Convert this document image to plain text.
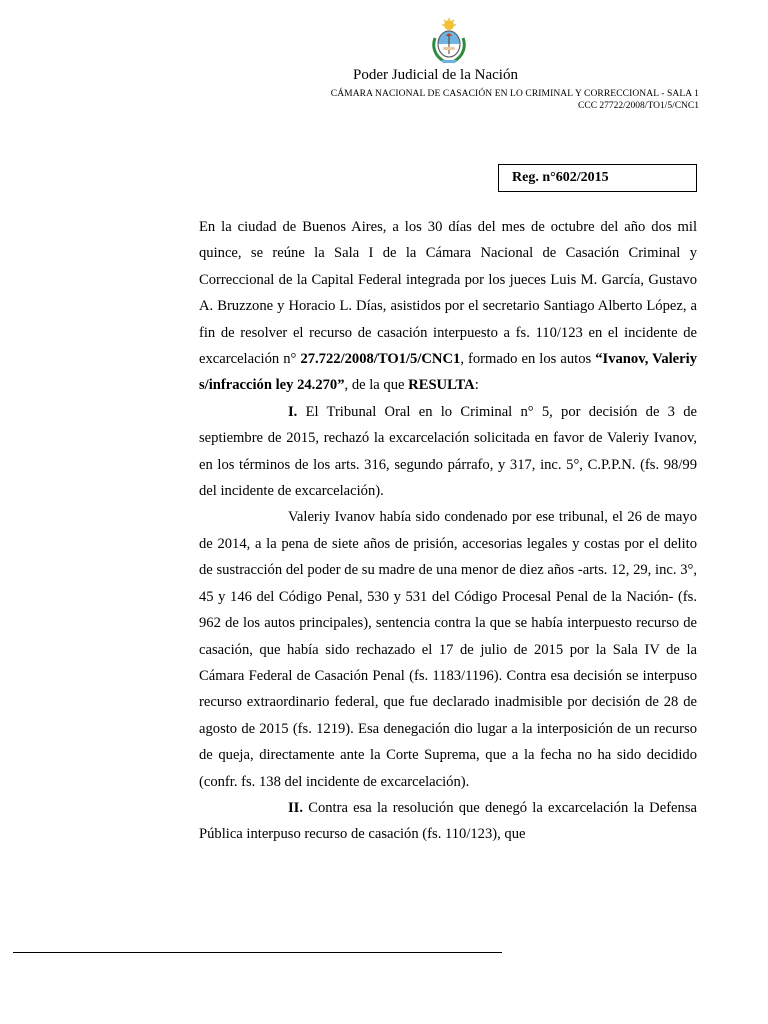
Poder Judicial de la Nación
CÁMARA NACIONAL DE CASACIÓN EN LO CRIMINAL Y CORRECCIONAL - SALA 1
CCC 27722/2008/TO1/5/CNC1
Reg. n°602/2015

En la ciudad de Buenos Aires, a los 30 días del mes de octubre del año dos mil quince, se reúne la Sala I de la Cámara Nacional de Casación Criminal y Correccional de la Capital Federal integrada por los jueces Luis M. García, Gustavo A. Bruzzone y Horacio L. Días, asistidos por el secretario Santiago Alberto López, a fin de resolver el recurso de casación interpuesto a fs. 110/123 en el incidente de excarcelación n° 27.722/2008/TO1/5/CNC1, formado en los autos “Ivanov, Valeriy s/infracción ley 24.270”, de la que RESULTA:

I. El Tribunal Oral en lo Criminal n° 5, por decisión de 3 de septiembre de 2015, rechazó la excarcelación solicitada en favor de Valeriy Ivanov, en los términos de los arts. 316, segundo párrafo, y 317, inc. 5°, C.P.P.N. (fs. 98/99 del incidente de excarcelación).

Valeriy Ivanov había sido condenado por ese tribunal, el 26 de mayo de 2014, a la pena de siete años de prisión, accesorias legales y costas por el delito de sustracción del poder de su madre de una menor de diez años -arts. 12, 29, inc. 3°, 45 y 146 del Código Penal, 530 y 531 del Código Procesal Penal de la Nación- (fs. 962 de los autos principales), sentencia contra la que se había interpuesto recurso de casación, que había sido rechazado el 17 de julio de 2015 por la Sala IV de la Cámara Federal de Casación Penal (fs. 1183/1196). Contra esa decisión se interpuso recurso extraordinario federal, que fue declarado inadmisible por decisión de 28 de agosto de 2015 (fs. 1219). Esa denegación dio lugar a la interposición de un recurso de queja, directamente ante la Corte Suprema, que a la fecha no ha sido decidido (confr. fs. 138 del incidente de excarcelación).

II. Contra esa la resolución que denegó la excarcelación la Defensa Pública interpuso recurso de casación (fs. 110/123), que
